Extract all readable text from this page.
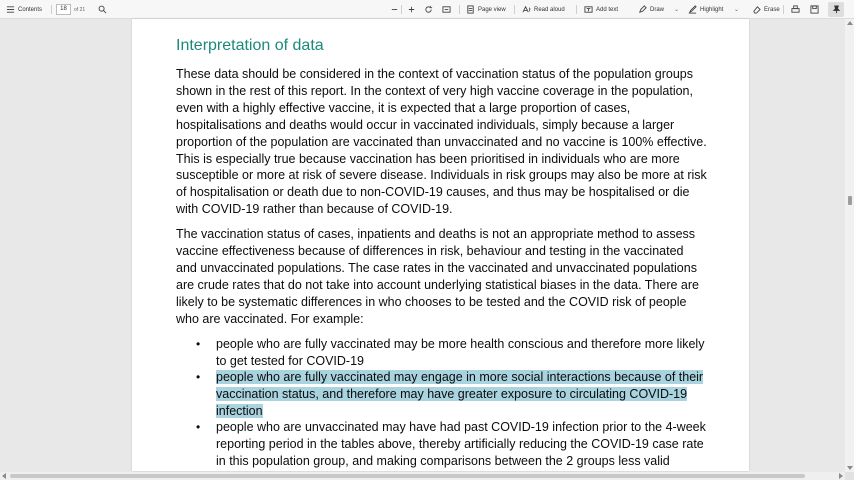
Contents	18	of 21	Page view	Read aloud	Add text	Draw ⌄	Highlight ⌄	Erase
Interpretation of data

These data should be considered in the context of vaccination status of the population groups
shown in the rest of this report. In the context of very high vaccine coverage in the population,
even with a highly effective vaccine, it is expected that a large proportion of cases,
hospitalisations and deaths would occur in vaccinated individuals, simply because a larger
proportion of the population are vaccinated than unvaccinated and no vaccine is 100% effective.
This is especially true because vaccination has been prioritised in individuals who are more
susceptible or more at risk of severe disease. Individuals in risk groups may also be more at risk
of hospitalisation or death due to non-COVID-19 causes, and thus may be hospitalised or die
with COVID-19 rather than because of COVID-19.

The vaccination status of cases, inpatients and deaths is not an appropriate method to assess
vaccine effectiveness because of differences in risk, behaviour and testing in the vaccinated
and unvaccinated populations. The case rates in the vaccinated and unvaccinated populations
are crude rates that do not take into account underlying statistical biases in the data. There are
likely to be systematic differences in who chooses to be tested and the COVID risk of people
who are vaccinated. For example:

• people who are fully vaccinated may be more health conscious and therefore more likely
to get tested for COVID-19
• people who are fully vaccinated may engage in more social interactions because of their
vaccination status, and therefore may have greater exposure to circulating COVID-19
infection
• people who are unvaccinated may have had past COVID-19 infection prior to the 4-week
reporting period in the tables above, thereby artificially reducing the COVID-19 case rate
in this population group, and making comparisons between the 2 groups less valid
